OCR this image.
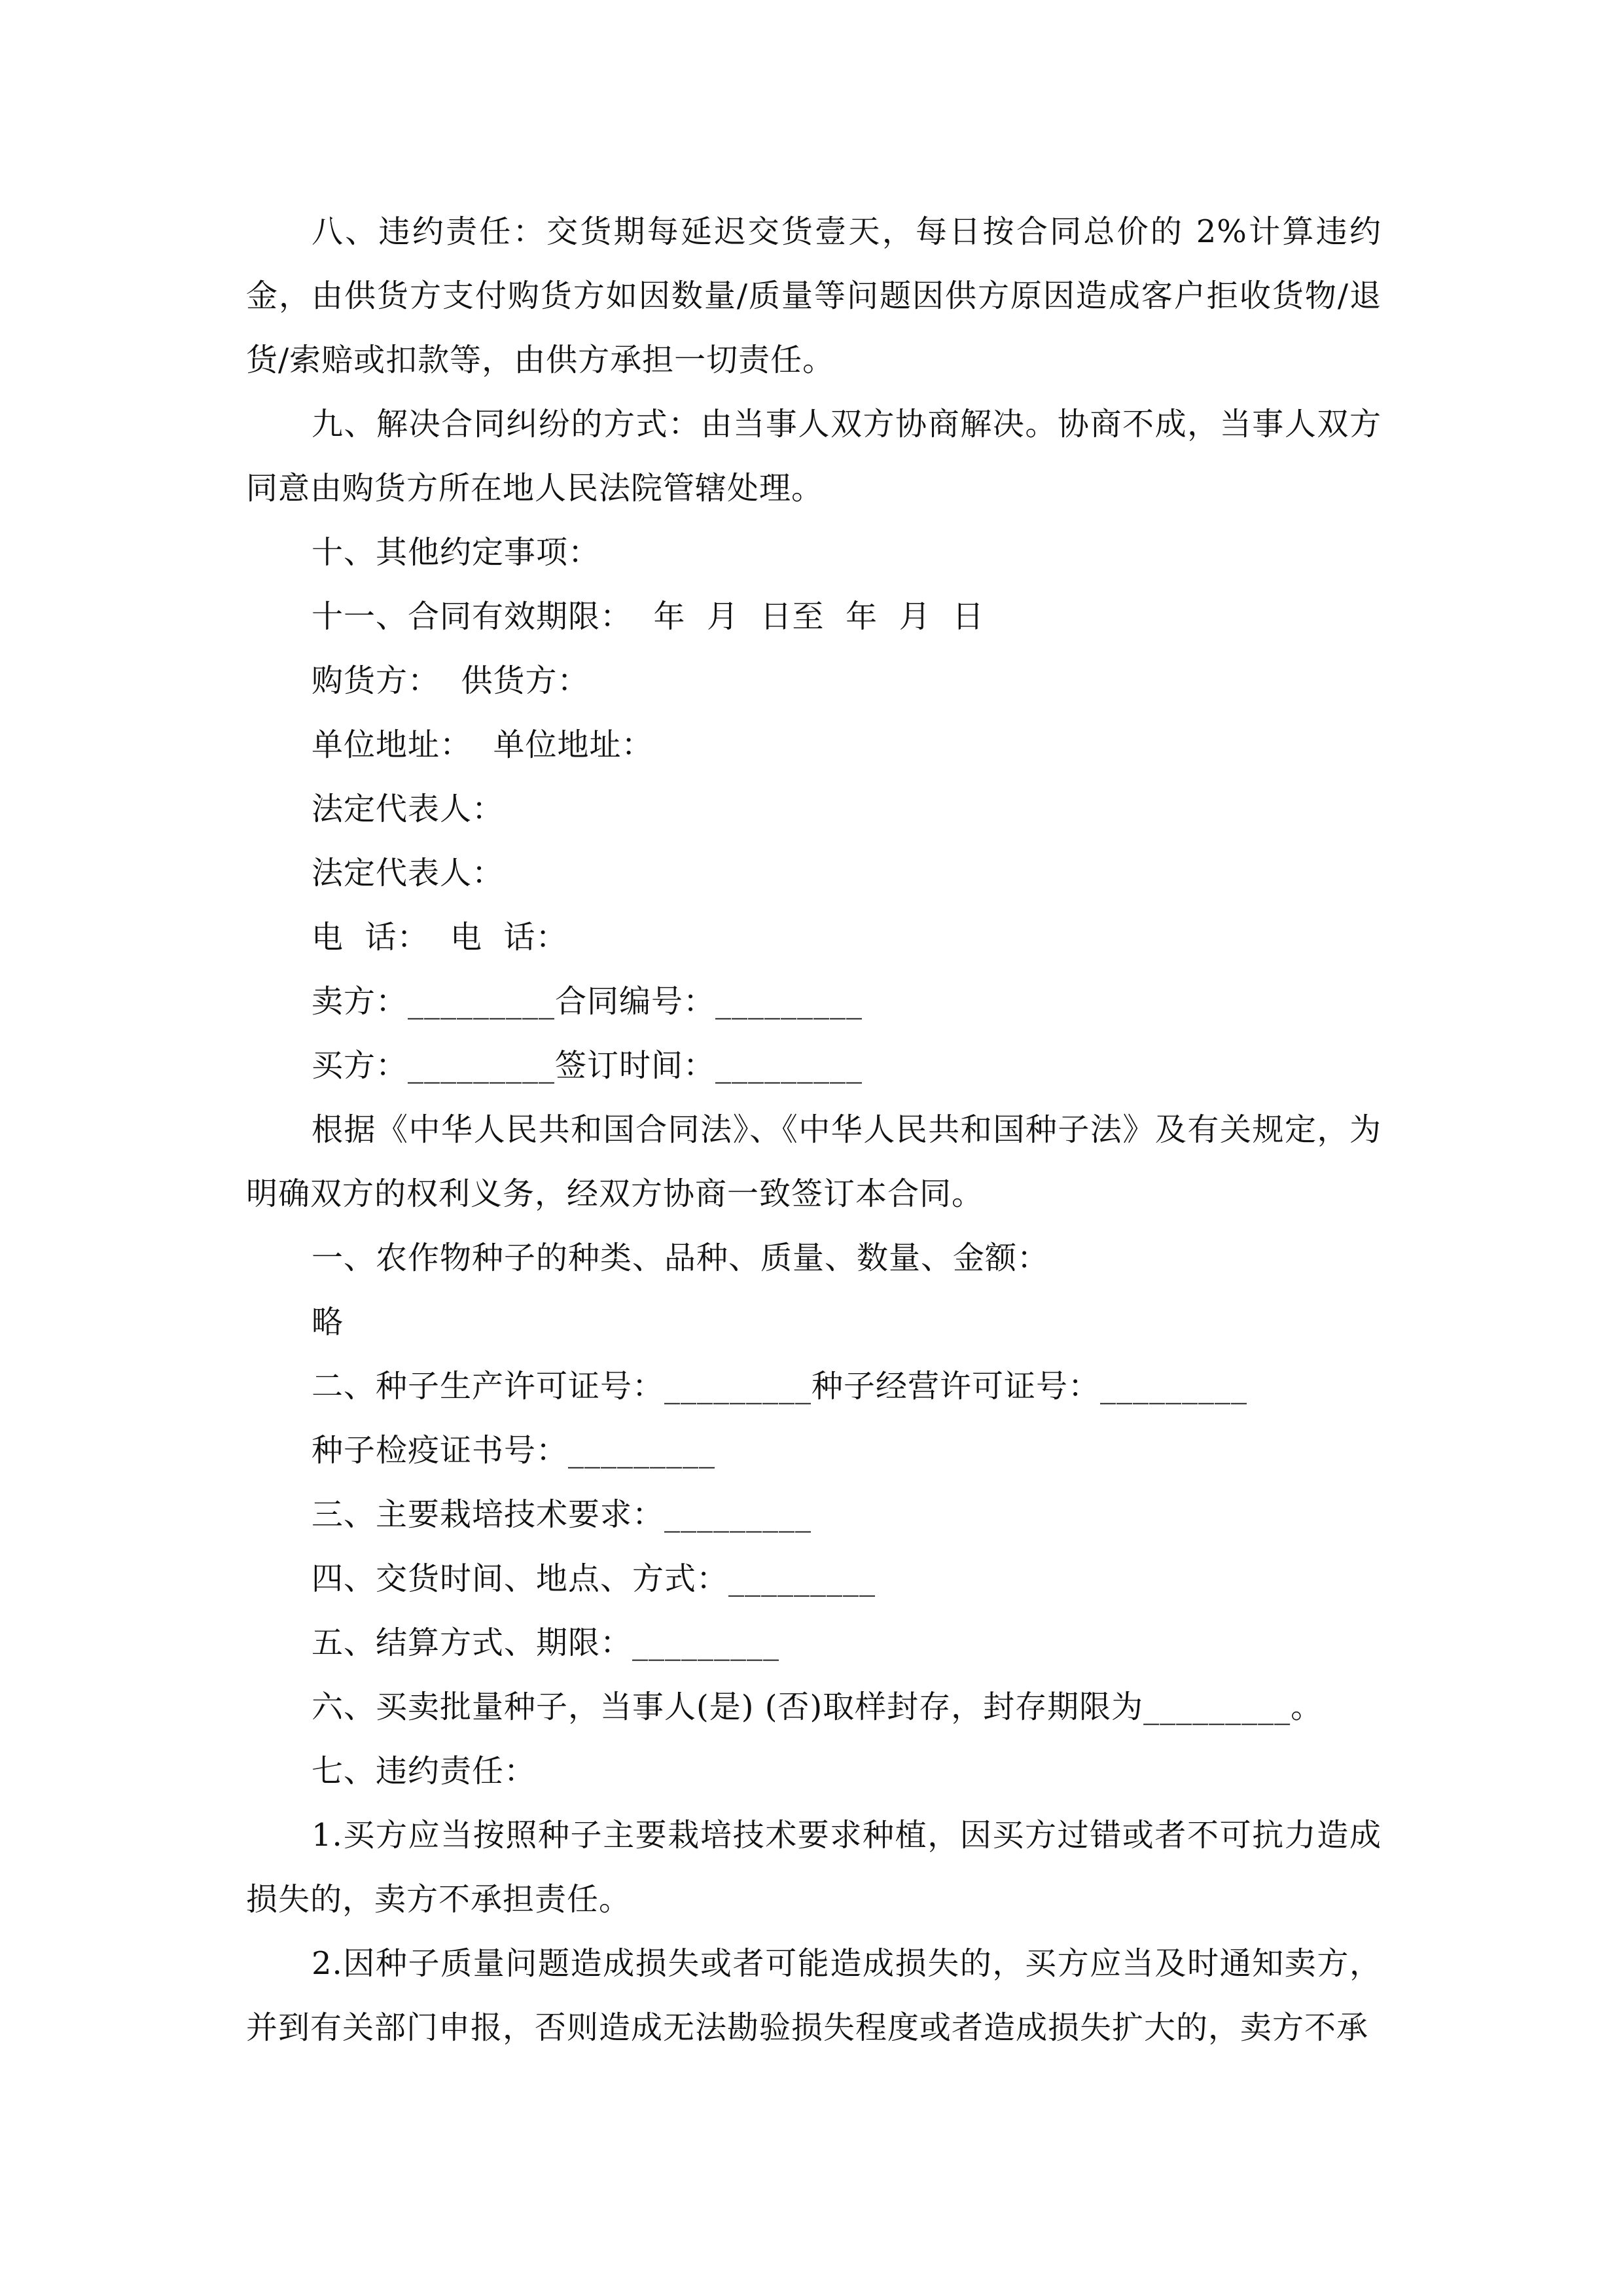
八、违约责任：交货期每延迟交货壹天，每日按合同总价的 2%计算违约金，由供货方支付购货方如因数量/质量等问题因供方原因造成客户拒收货物/退货/索赔或扣款等，由供方承担一切责任。

九、解决合同纠纷的方式：由当事人双方协商解决。协商不成，当事人双方同意由购货方所在地人民法院管辖处理。

十、其他约定事项：

十一、合同有效期限：  年  月  日至  年  月  日

购货方：  供货方：

单位地址：  单位地址：

法定代表人：

法定代表人：

电  话：  电  话：

卖方：_________合同编号：_________

买方：_________签订时间：_________

根据《中华人民共和国合同法》、《中华人民共和国种子法》及有关规定，为明确双方的权利义务，经双方协商一致签订本合同。

一、农作物种子的种类、品种、质量、数量、金额：

略

二、种子生产许可证号：_________种子经营许可证号：_________

种子检疫证书号：_________

三、主要栽培技术要求：_________

四、交货时间、地点、方式：_________

五、结算方式、期限：_________

六、买卖批量种子，当事人(是) (否)取样封存，封存期限为_________。

七、违约责任：

1.买方应当按照种子主要栽培技术要求种植，因买方过错或者不可抗力造成损失的，卖方不承担责任。

2.因种子质量问题造成损失或者可能造成损失的，买方应当及时通知卖方，并到有关部门申报，否则造成无法勘验损失程度或者造成损失扩大的，卖方不承
